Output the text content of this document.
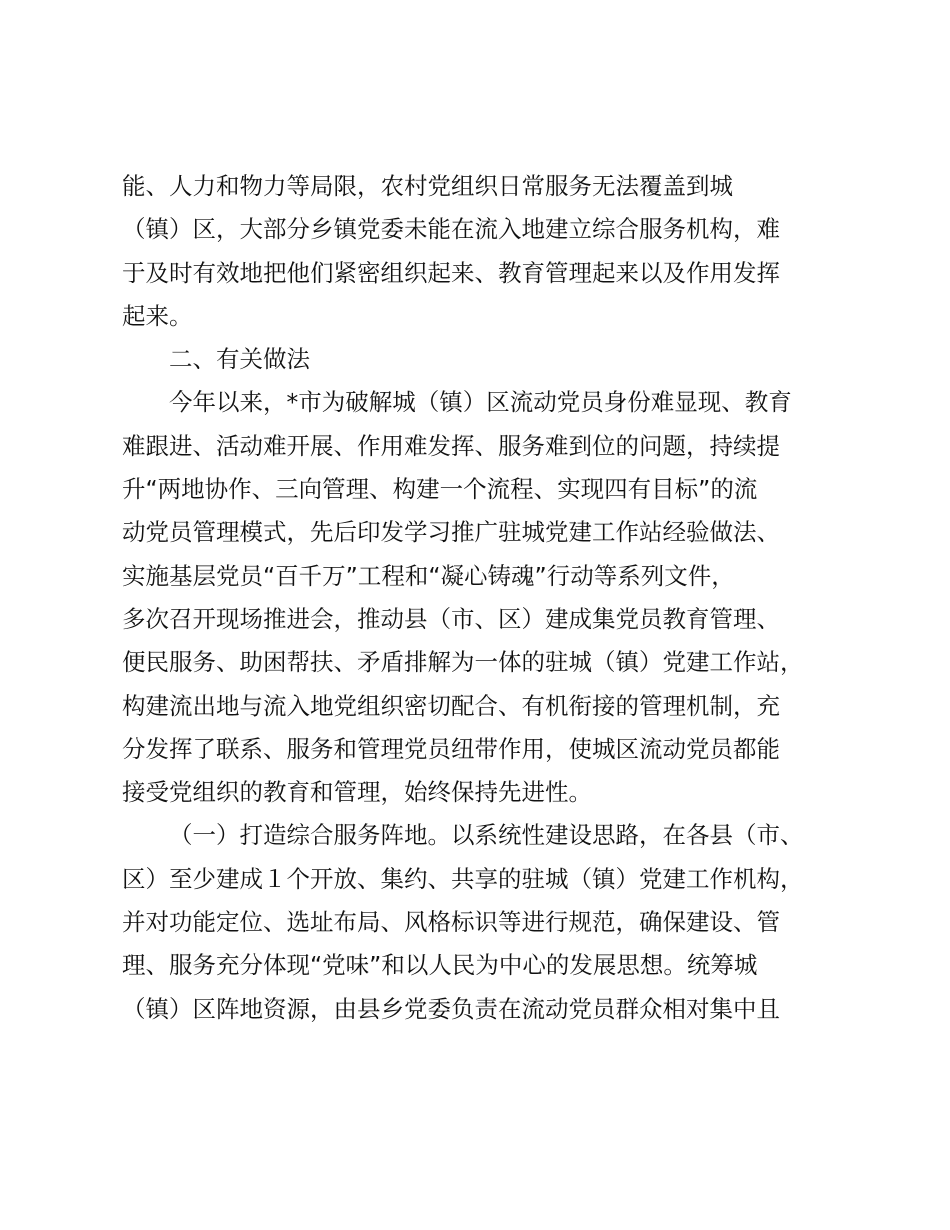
能、人力和物力等局限，农村党组织日常服务无法覆盖到城
（镇）区，大部分乡镇党委未能在流入地建立综合服务机构，难
于及时有效地把他们紧密组织起来、教育管理起来以及作用发挥
起来。
二、有关做法
今年以来，*市为破解城（镇）区流动党员身份难显现、教育
难跟进、活动难开展、作用难发挥、服务难到位的问题，持续提
升“两地协作、三向管理、构建一个流程、实现四有目标”的流
动党员管理模式，先后印发学习推广驻城党建工作站经验做法、
实施基层党员“百千万”工程和“凝心铸魂”行动等系列文件，
多次召开现场推进会，推动县（市、区）建成集党员教育管理、
便民服务、助困帮扶、矛盾排解为一体的驻城（镇）党建工作站，
构建流出地与流入地党组织密切配合、有机衔接的管理机制，充
分发挥了联系、服务和管理党员纽带作用，使城区流动党员都能
接受党组织的教育和管理，始终保持先进性。
（一）打造综合服务阵地。以系统性建设思路，在各县（市、
区）至少建成１个开放、集约、共享的驻城（镇）党建工作机构，
并对功能定位、选址布局、风格标识等进行规范，确保建设、管
理、服务充分体现“党味”和以人民为中心的发展思想。统筹城
（镇）区阵地资源，由县乡党委负责在流动党员群众相对集中且
